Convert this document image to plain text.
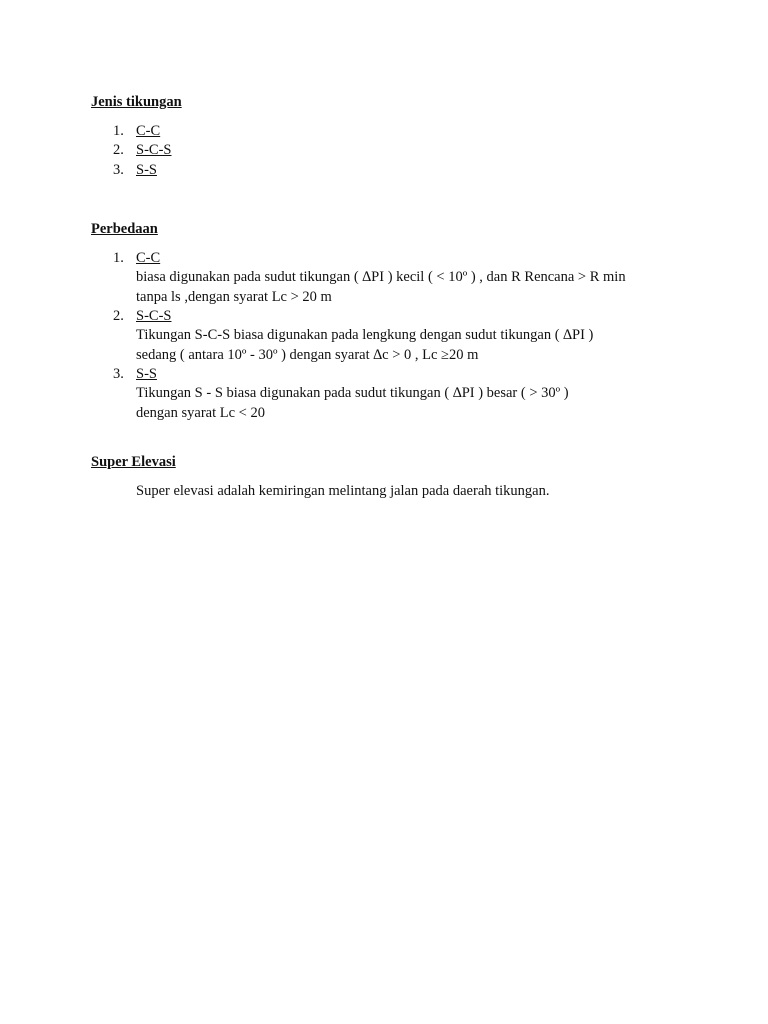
Jenis tikungan
1. C-C
2. S-C-S
3. S-S
Perbedaan
1. C-C
biasa digunakan pada sudut tikungan ( ∆PI ) kecil ( < 10º ) , dan R Rencana > R min
tanpa ls ,dengan syarat Lc > 20 m
2. S-C-S
Tikungan S-C-S biasa digunakan pada lengkung dengan sudut tikungan ( ∆PI )
sedang ( antara 10º - 30º ) dengan syarat ∆c > 0 , Lc ≥20 m
3. S-S
Tikungan S - S biasa digunakan pada sudut tikungan ( ∆PI ) besar ( > 30º )
dengan syarat Lc < 20
Super Elevasi
Super elevasi adalah kemiringan melintang jalan pada daerah tikungan.
